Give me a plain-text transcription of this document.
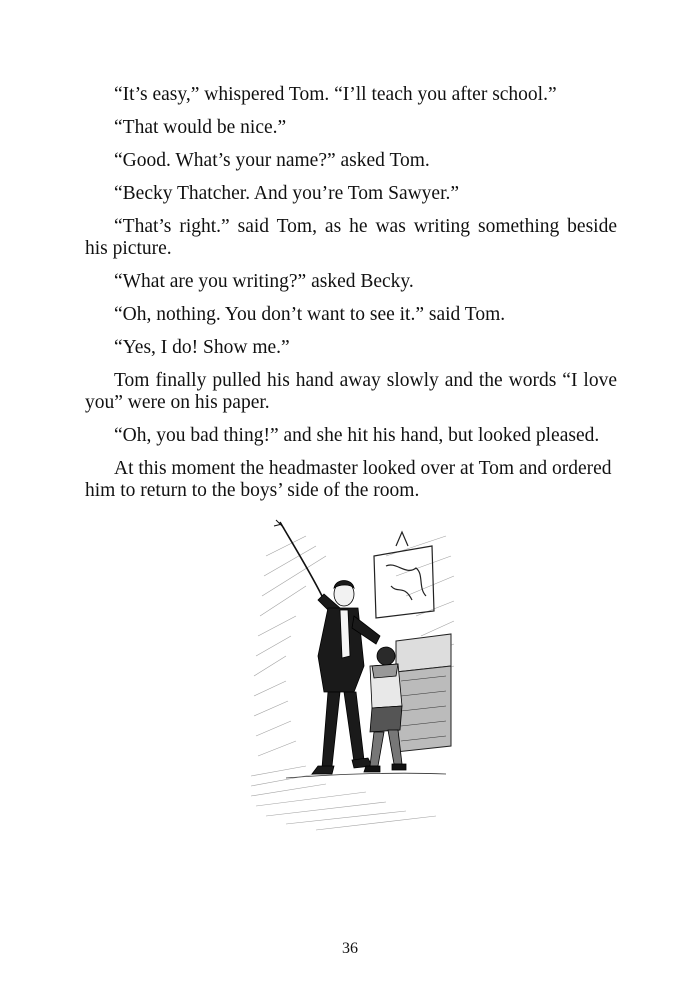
“It’s easy,” whispered Tom. “I’ll teach you after school.”

“That would be nice.”

“Good. What’s your name?” asked Tom.

“Becky Thatcher. And you’re Tom Sawyer.”

“That’s right.” said Tom, as he was writing something beside his picture.

“What are you writing?” asked Becky.

“Oh, nothing. You don’t want to see it.” said Tom.

“Yes, I do! Show me.”

Tom finally pulled his hand away slowly and the words “I love you” were on his paper.

“Oh, you bad thing!” and she hit his hand, but looked pleased.

At this moment the headmaster looked over at Tom and ordered him to return to the boys’ side of the room.

36
